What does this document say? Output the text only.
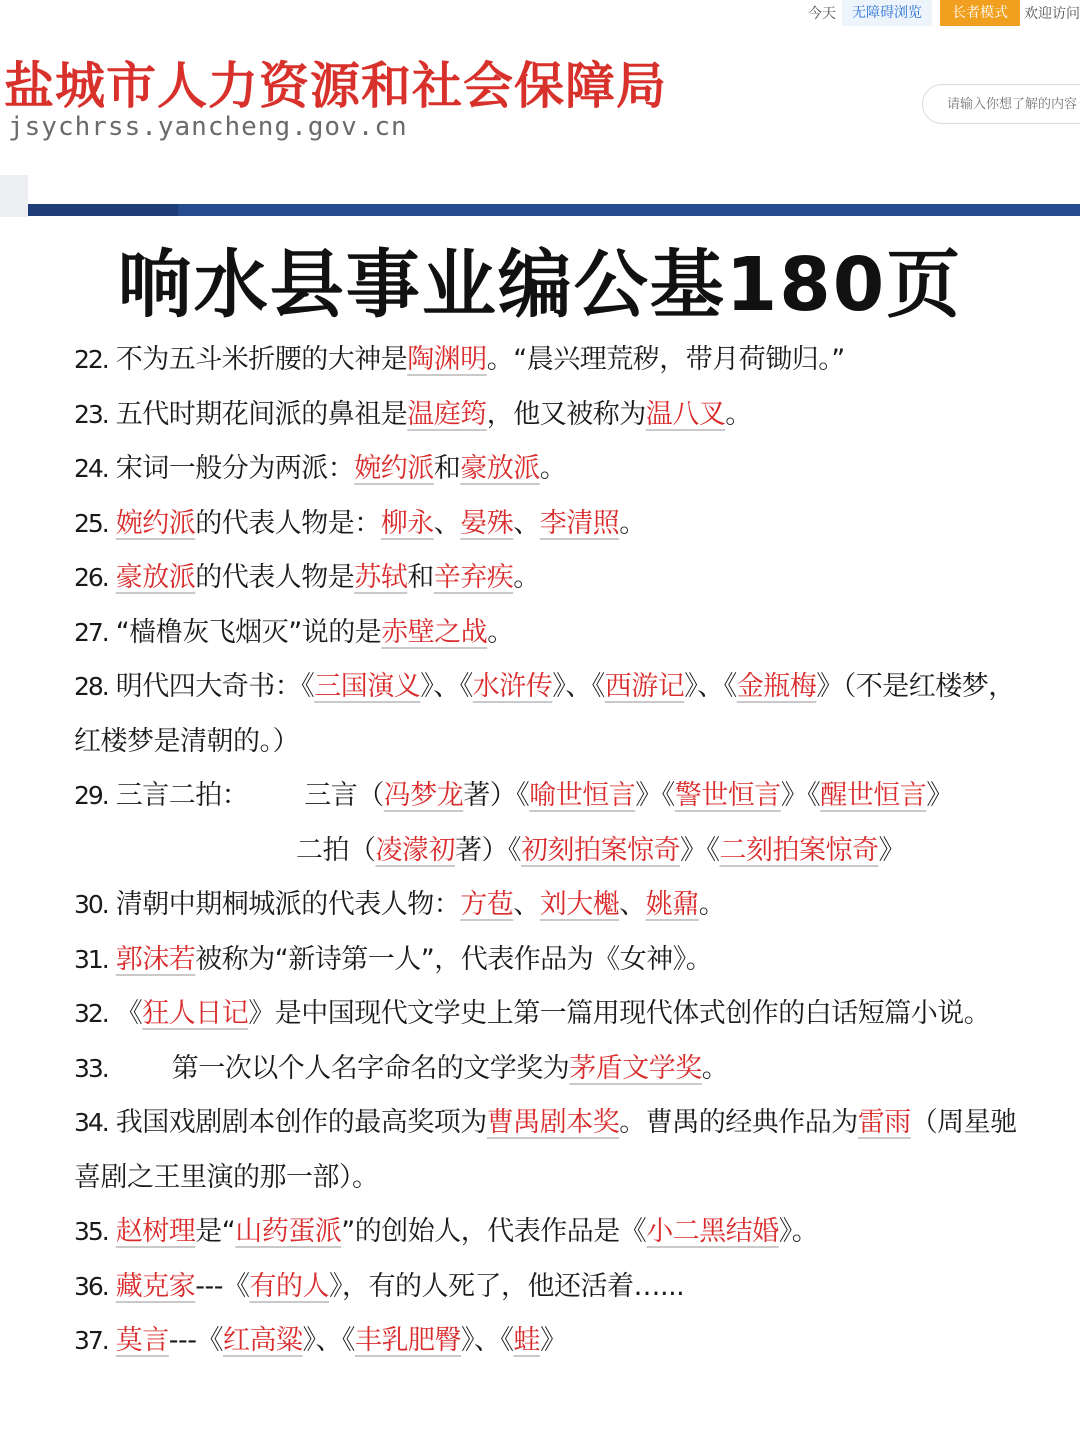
今天	无障碍浏览	长者模式	欢迎访问
盐城市人力资源和社会保障局
jsychrss.yancheng.gov.cn
请输入你想了解的内容
响水县事业编公基180页
22. 不为五斗米折腰的大神是陶渊明。“晨兴理荒秽，带月荷锄归。”
23. 五代时期花间派的鼻祖是温庭筠，他又被称为温八叉。
24. 宋词一般分为两派：婉约派和豪放派。
25. 婉约派的代表人物是：柳永、晏殊、李清照。
26. 豪放派的代表人物是苏轼和辛弃疾。
27. “樯橹灰飞烟灭”说的是赤壁之战。
28. 明代四大奇书：《三国演义》、《水浒传》、《西游记》、《金瓶梅》（不是红楼梦，
红楼梦是清朝的。）
29. 三言二拍： 三言（冯梦龙著）《喻世恒言》《警世恒言》《醒世恒言》
二拍（凌濛初著）《初刻拍案惊奇》《二刻拍案惊奇》
30. 清朝中期桐城派的代表人物：方苞、刘大櫆、姚鼐。
31. 郭沫若被称为“新诗第一人”，代表作品为《女神》。
32. 《狂人日记》是中国现代文学史上第一篇用现代体式创作的白话短篇小说。
33. 第一次以个人名字命名的文学奖为茅盾文学奖。
34. 我国戏剧剧本创作的最高奖项为曹禺剧本奖。曹禺的经典作品为雷雨（周星驰
喜剧之王里演的那一部）。
35. 赵树理是“山药蛋派”的创始人，代表作品是《小二黑结婚》。
36. 藏克家---《有的人》，有的人死了，他还活着…...
37. 莫言---《红高粱》、《丰乳肥臀》、《蛙》
